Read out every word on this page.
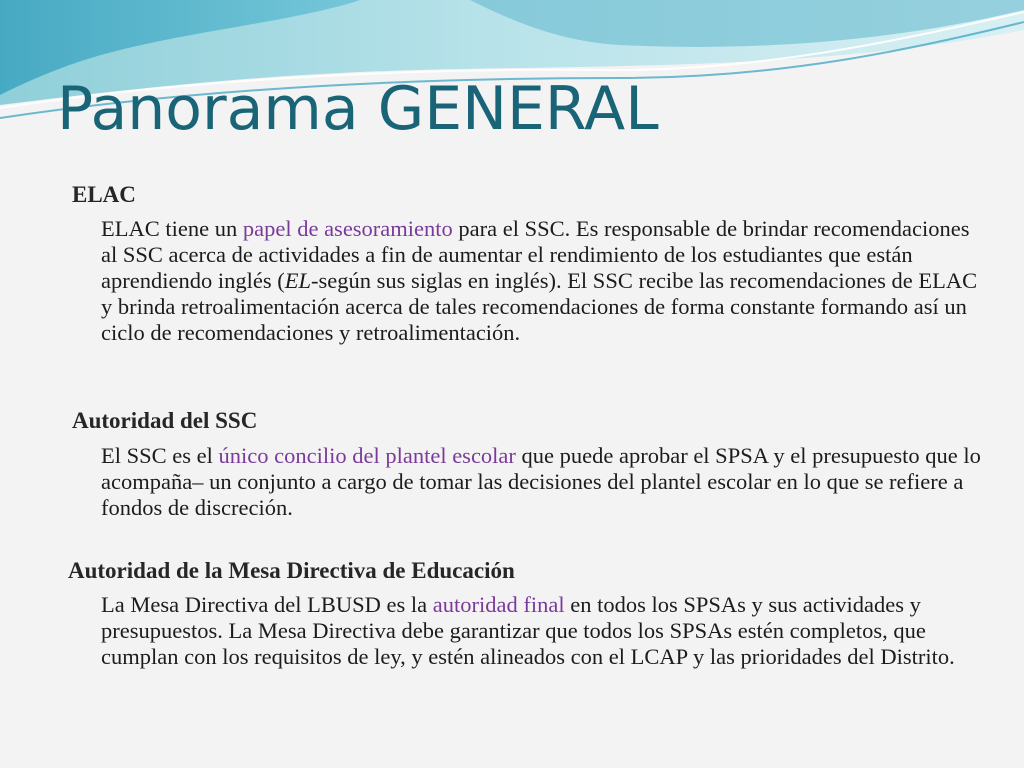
Panorama GENERAL
ELAC

ELAC tiene un papel de asesoramiento para el SSC. Es responsable de brindar recomendaciones al SSC acerca de actividades a fin de aumentar el rendimiento de los estudiantes que están aprendiendo inglés (EL-según sus siglas en inglés). El SSC recibe las recomendaciones de ELAC y brinda retroalimentación acerca de tales recomendaciones de forma constante formando así un ciclo de recomendaciones y retroalimentación.

Autoridad del SSC

El SSC es el único concilio del plantel escolar que puede aprobar el SPSA y el presupuesto que lo acompaña– un conjunto a cargo de tomar las decisiones del plantel escolar en lo que se refiere a fondos de discreción.

Autoridad de la Mesa Directiva de Educación

La Mesa Directiva del LBUSD es la autoridad final en todos los SPSAs y sus actividades y presupuestos. La Mesa Directiva debe garantizar que todos los SPSAs estén completos, que cumplan con los requisitos de ley, y estén alineados con el LCAP y las prioridades del Distrito.
